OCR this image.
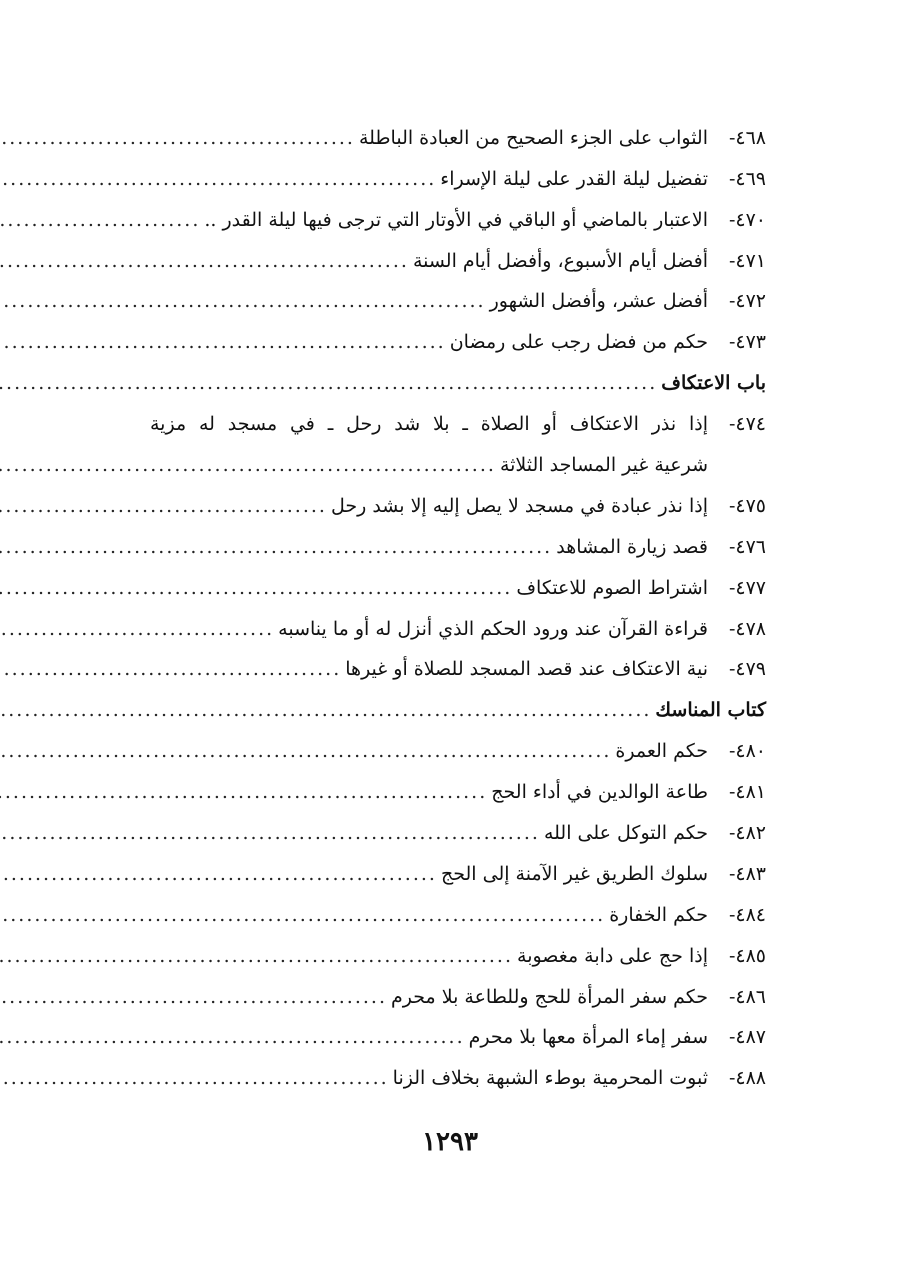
٤٦٨-
الثواب على الجزء الصحيح من العبادة الباطلة
.....
٤٦٩-
تفضيل ليلة القدر على ليلة الإسراء
.....
٤٧٠-
الاعتبار بالماضي أو الباقي في الأوتار التي ترجى فيها ليلة القدر ..
.....
٤٧١-
أفضل أيام الأسبوع، وأفضل أيام السنة
.....
٤٧٢-
أفضل عشر، وأفضل الشهور
.....
٤٧٣-
حكم من فضل رجب على رمضان
.....
باب الاعتكاف
.....
٤٧٤-
إذا نذر الاعتكاف أو الصلاة ـ بلا شد رحل ـ في مسجد له مزية
شرعية غير المساجد الثلاثة
.....
٤٧٥-
إذا نذر عبادة في مسجد لا يصل إليه إلا بشد رحل
.....
٤٧٦-
قصد زيارة المشاهد
.....
٤٧٧-
اشتراط الصوم للاعتكاف
.....
٤٧٨-
قراءة القرآن عند ورود الحكم الذي أنزل له أو ما يناسبه
.....
٤٧٩-
نية الاعتكاف عند قصد المسجد للصلاة أو غيرها
.....
كتاب المناسك
.....
٤٨٠-
حكم العمرة
.....
٤٨١-
طاعة الوالدين في أداء الحج
.....
٤٨٢-
حكم التوكل على الله
.....
٤٨٣-
سلوك الطريق غير الآمنة إلى الحج
.....
٤٨٤-
حكم الخفارة
.....
٤٨٥-
إذا حج على دابة مغصوبة
.....
٤٨٦-
حكم سفر المرأة للحج وللطاعة بلا محرم
.....
٤٨٧-
سفر إماء المرأة معها بلا محرم
.....
٤٨٨-
ثبوت المحرمية بوطء الشبهة بخلاف الزنا
.....
١٢٩٣
